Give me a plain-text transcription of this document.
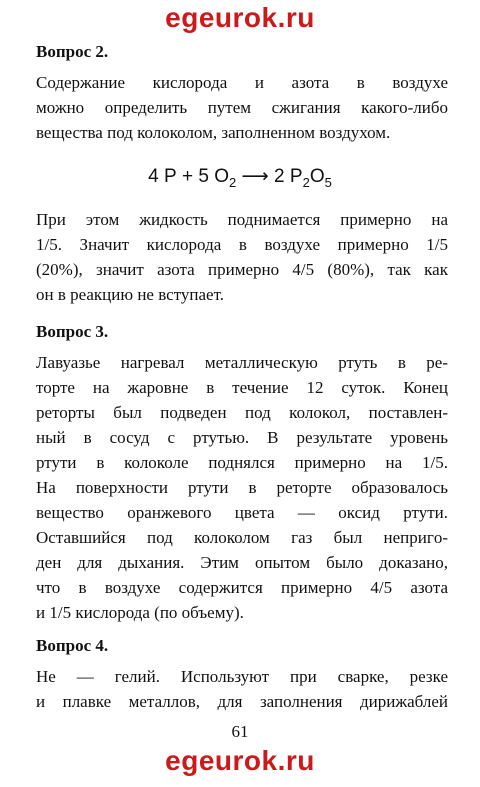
egeurok.ru
Вопрос 2.
Содержание кислорода и азота в воздухе
можно определить путем сжигания какого-либо
вещества под колоколом, заполненном воздухом.
4 P + 5 $O_2$ ⟶ 2 $P_2O_5$
При этом жидкость поднимается примерно на
1/5. Значит кислорода в воздухе примерно 1/5
(20%), значит азота примерно 4/5 (80%), так как
он в реакцию не вступает.
Вопрос 3.
Лавуазье нагревал металлическую ртуть в ре-
торте на жаровне в течение 12 суток. Конец
реторты был подведен под колокол, поставлен-
ный в сосуд с ртутью. В результате уровень
ртути в колоколе поднялся примерно на 1/5.
На поверхности ртути в реторте образовалось
вещество оранжевого цвета — оксид ртути.
Оставшийся под колоколом газ был непригo-
ден для дыхания. Этим опытом было доказано,
что в воздухе содержится примерно 4/5 азота
и 1/5 кислорода (по объему).
Вопрос 4.
Не — гелий. Используют при сварке, резке
и плавке металлов, для заполнения дирижаблей
61
egeurok.ru
